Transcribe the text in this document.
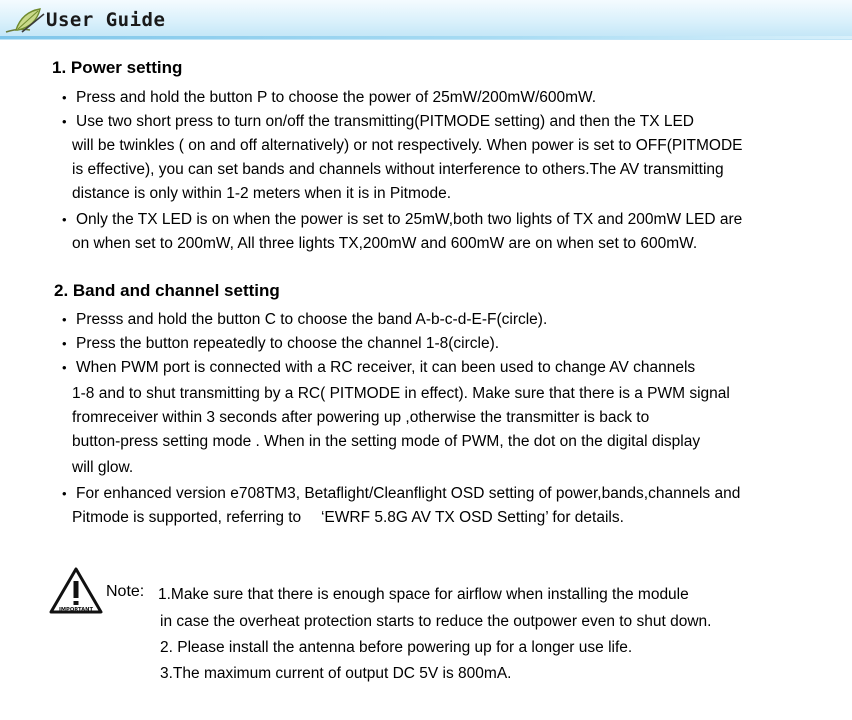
User Guide
1. Power setting
• Press and hold the button P to choose the power of 25mW/200mW/600mW.
• Use two short press to turn on/off the transmitting(PITMODE setting) and then the TX LED
will be twinkles ( on and off alternatively) or not respectively. When power is set to OFF(PITMODE
is effective), you can set bands and channels without interference to others.The AV transmitting
distance is only within 1-2 meters when it is in Pitmode.
• Only the TX LED is on when the power is set to 25mW,both two lights of TX and 200mW LED are
on when set to 200mW, All three lights TX,200mW and 600mW are on when set to 600mW.
2. Band and channel setting
• Presss and hold the button C to choose the band A-b-c-d-E-F(circle).
• Press the button repeatedly to choose the channel 1-8(circle).
• When PWM port is connected with a RC receiver, it can been used to change AV channels
1-8 and to shut transmitting by a RC( PITMODE in effect). Make sure that there is a PWM signal
fromreceiver within 3 seconds after powering up ,otherwise the transmitter is back to
button-press setting mode . When in the setting mode of PWM, the dot on the digital display
will glow.
• For enhanced version e708TM3, Betaflight/Cleanflight OSD setting of power,bands,channels and
Pitmode is supported, referring to 　‘EWRF 5.8G AV TX OSD Setting’ for details.
IMPORTANT
Note: 1.Make sure that there is enough space for airflow when installing the module
in case the overheat protection starts to reduce the outpower even to shut down.
2. Please install the antenna before powering up for a longer use life.
3.The maximum current of output DC 5V is 800mA.
